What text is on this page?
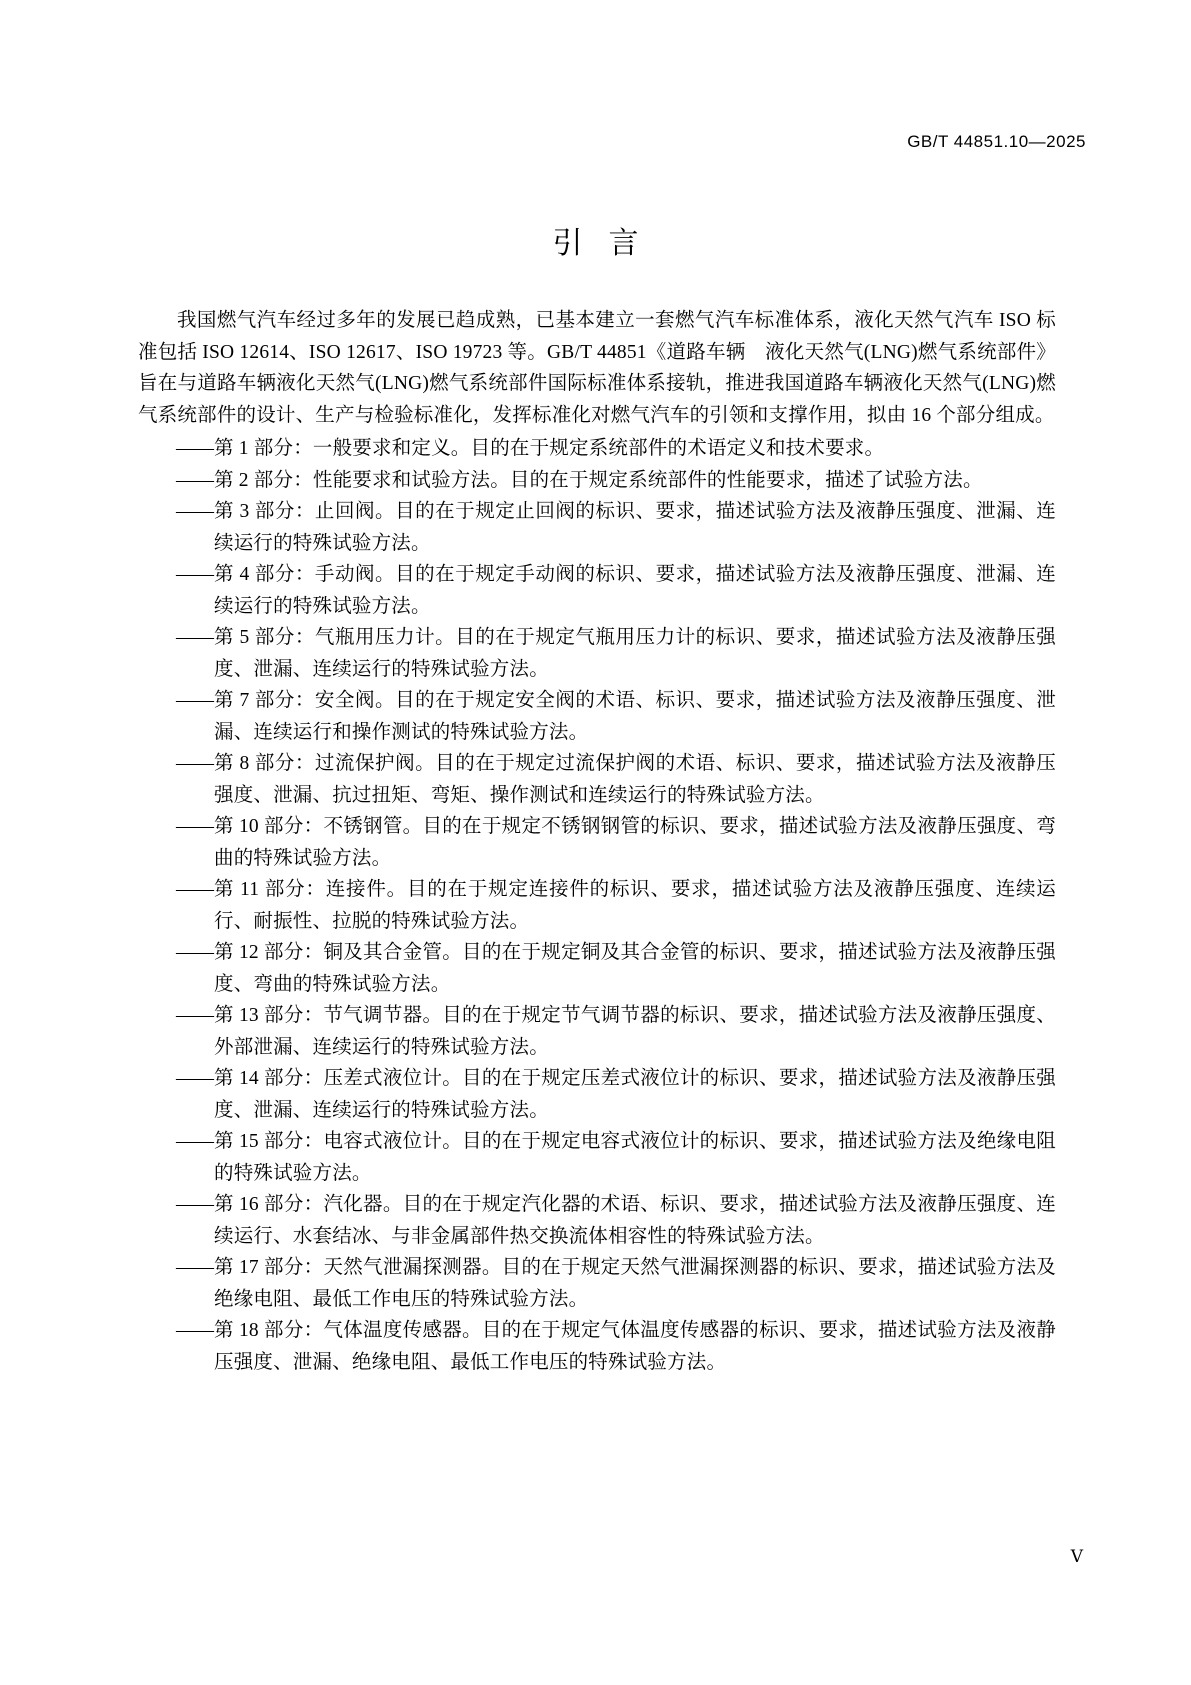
GB/T 44851.10—2025
引言

我国燃气汽车经过多年的发展已趋成熟，已基本建立一套燃气汽车标准体系，液化天然气汽车 ISO 标准包括 ISO 12614、ISO 12617、ISO 19723 等。GB/T 44851《道路车辆　液化天然气(LNG)燃气系统部件》旨在与道路车辆液化天然气(LNG)燃气系统部件国际标准体系接轨，推进我国道路车辆液化天然气(LNG)燃气系统部件的设计、生产与检验标准化，发挥标准化对燃气汽车的引领和支撑作用，拟由 16 个部分组成。

—— 第 1 部分：一般要求和定义。目的在于规定系统部件的术语定义和技术要求。
—— 第 2 部分：性能要求和试验方法。目的在于规定系统部件的性能要求，描述了试验方法。
—— 第 3 部分：止回阀。目的在于规定止回阀的标识、要求，描述试验方法及液静压强度、泄漏、连续运行的特殊试验方法。
—— 第 4 部分：手动阀。目的在于规定手动阀的标识、要求，描述试验方法及液静压强度、泄漏、连续运行的特殊试验方法。
—— 第 5 部分：气瓶用压力计。目的在于规定气瓶用压力计的标识、要求，描述试验方法及液静压强度、泄漏、连续运行的特殊试验方法。
—— 第 7 部分：安全阀。目的在于规定安全阀的术语、标识、要求，描述试验方法及液静压强度、泄漏、连续运行和操作测试的特殊试验方法。
—— 第 8 部分：过流保护阀。目的在于规定过流保护阀的术语、标识、要求，描述试验方法及液静压强度、泄漏、抗过扭矩、弯矩、操作测试和连续运行的特殊试验方法。
—— 第 10 部分：不锈钢管。目的在于规定不锈钢钢管的标识、要求，描述试验方法及液静压强度、弯曲的特殊试验方法。
—— 第 11 部分：连接件。目的在于规定连接件的标识、要求，描述试验方法及液静压强度、连续运行、耐振性、拉脱的特殊试验方法。
—— 第 12 部分：铜及其合金管。目的在于规定铜及其合金管的标识、要求，描述试验方法及液静压强度、弯曲的特殊试验方法。
—— 第 13 部分：节气调节器。目的在于规定节气调节器的标识、要求，描述试验方法及液静压强度、外部泄漏、连续运行的特殊试验方法。
—— 第 14 部分：压差式液位计。目的在于规定压差式液位计的标识、要求，描述试验方法及液静压强度、泄漏、连续运行的特殊试验方法。
—— 第 15 部分：电容式液位计。目的在于规定电容式液位计的标识、要求，描述试验方法及绝缘电阻的特殊试验方法。
—— 第 16 部分：汽化器。目的在于规定汽化器的术语、标识、要求，描述试验方法及液静压强度、连续运行、水套结冰、与非金属部件热交换流体相容性的特殊试验方法。
—— 第 17 部分：天然气泄漏探测器。目的在于规定天然气泄漏探测器的标识、要求，描述试验方法及绝缘电阻、最低工作电压的特殊试验方法。
—— 第 18 部分：气体温度传感器。目的在于规定气体温度传感器的标识、要求，描述试验方法及液静压强度、泄漏、绝缘电阻、最低工作电压的特殊试验方法。
Ⅴ
